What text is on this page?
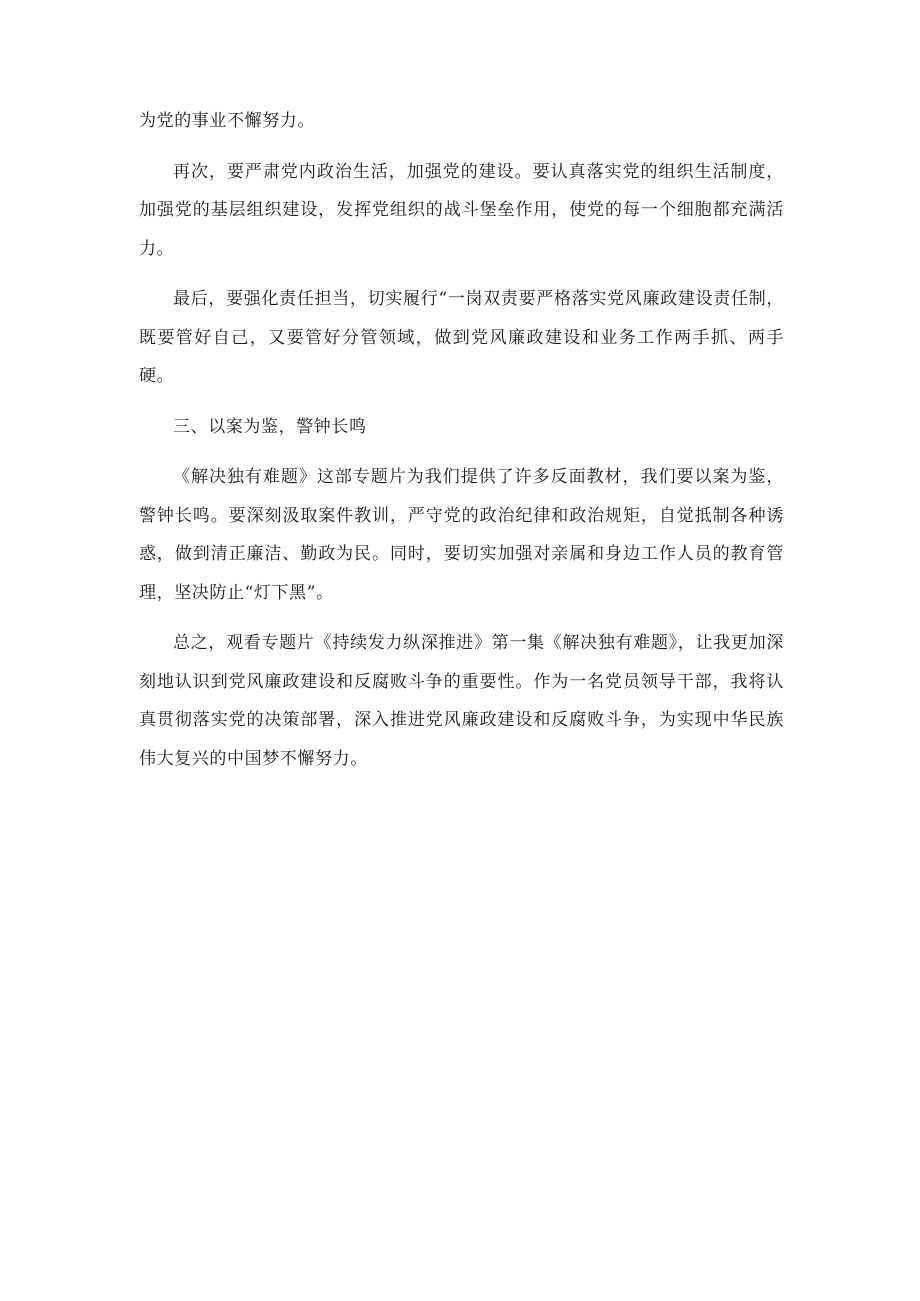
为党的事业不懈努力。

再次，要严肃党内政治生活，加强党的建设。要认真落实党的组织生活制度，加强党的基层组织建设，发挥党组织的战斗堡垒作用，使党的每一个细胞都充满活力。

最后，要强化责任担当，切实履行“一岗双责要严格落实党风廉政建设责任制，既要管好自己，又要管好分管领域，做到党风廉政建设和业务工作两手抓、两手硬。

三、以案为鉴，警钟长鸣

《解决独有难题》这部专题片为我们提供了许多反面教材，我们要以案为鉴，警钟长鸣。要深刻汲取案件教训，严守党的政治纪律和政治规矩，自觉抵制各种诱惑，做到清正廉洁、勤政为民。同时，要切实加强对亲属和身边工作人员的教育管理，坚决防止“灯下黑”。

总之，观看专题片《持续发力纵深推进》第一集《解决独有难题》，让我更加深刻地认识到党风廉政建设和反腐败斗争的重要性。作为一名党员领导干部，我将认真贯彻落实党的决策部署，深入推进党风廉政建设和反腐败斗争，为实现中华民族伟大复兴的中国梦不懈努力。
